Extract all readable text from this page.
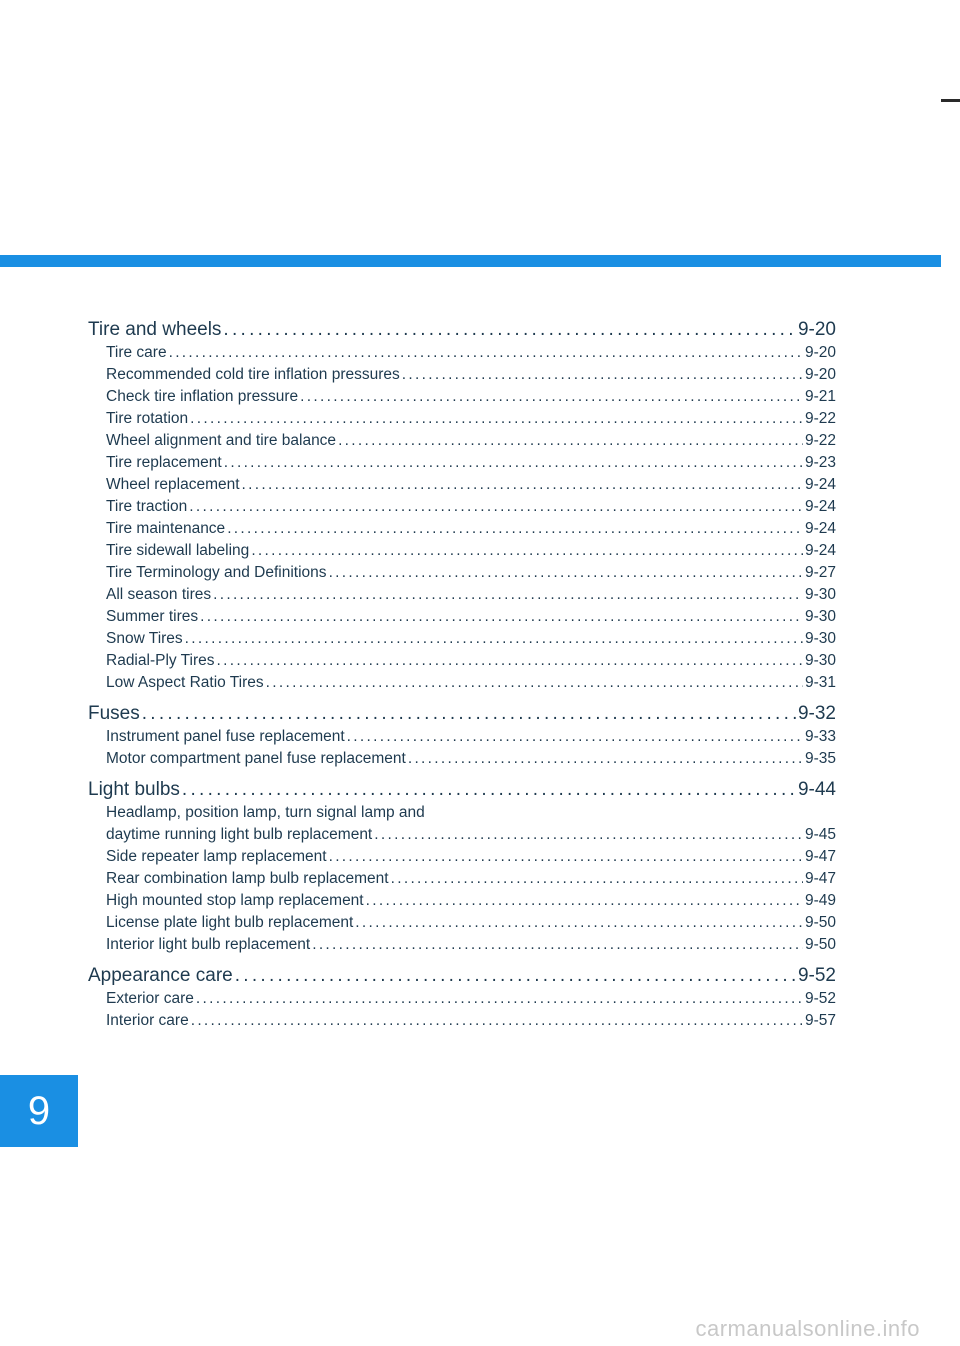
Tire and wheels . . .	9-20
Tire care . . .	9-20
Recommended cold tire inflation pressures . . .	9-20
Check tire inflation pressure . . .	9-21
Tire rotation . . .	9-22
Wheel alignment and tire balance . . .	9-22
Tire replacement . . .	9-23
Wheel replacement . . .	9-24
Tire traction . . .	9-24
Tire maintenance . . .	9-24
Tire sidewall labeling . . .	9-24
Tire Terminology and Definitions . . .	9-27
All season tires . . .	9-30
Summer tires . . .	9-30
Snow Tires . . .	9-30
Radial-Ply Tires . . .	9-30
Low Aspect Ratio Tires . . .	9-31
Fuses . . .	9-32
Instrument panel fuse replacement . . .	9-33
Motor compartment panel fuse replacement . . .	9-35
Light bulbs . . .	9-44
Headlamp, position lamp, turn signal lamp and
daytime running light bulb replacement . . .	9-45
Side repeater lamp replacement . . .	9-47
Rear combination lamp bulb replacement . . .	9-47
High mounted stop lamp replacement . . .	9-49
License plate light bulb replacement . . .	9-50
Interior light bulb replacement . . .	9-50
Appearance care . . .	9-52
Exterior care . . .	9-52
Interior care . . .	9-57
9
carmanualsonline.info
